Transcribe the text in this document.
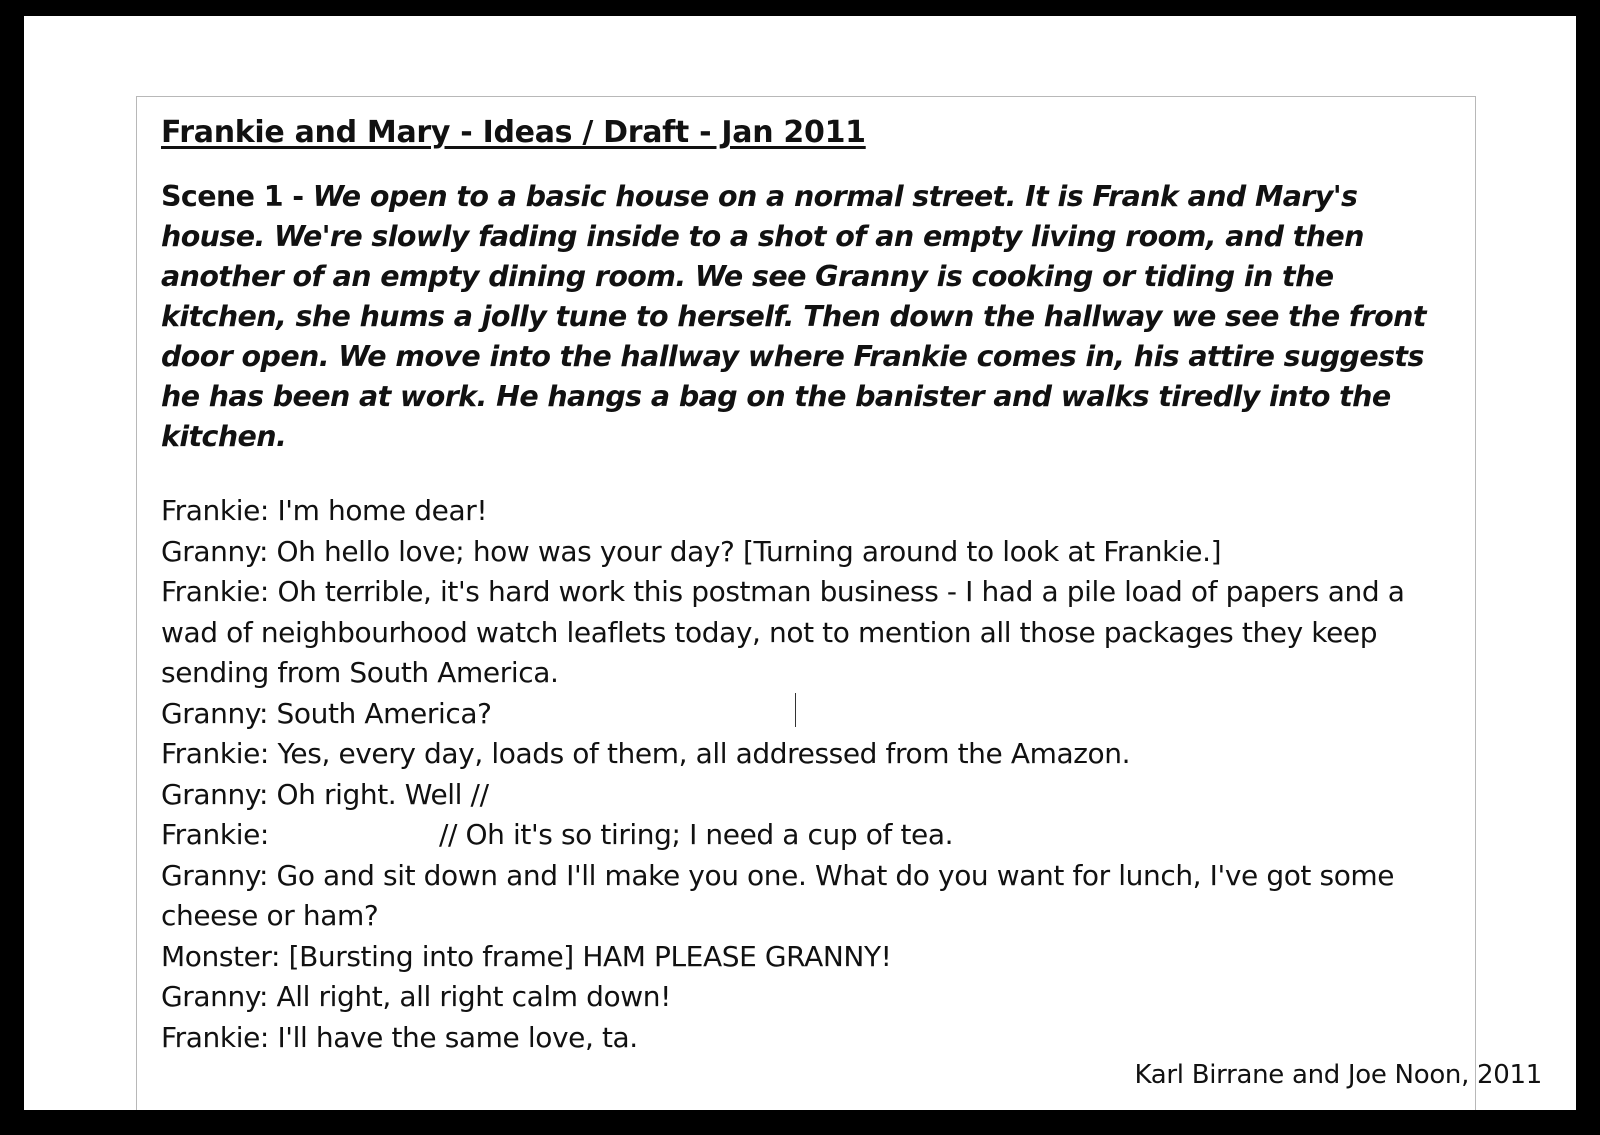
Frankie and Mary - Ideas / Draft - Jan 2011
Scene 1 - We open to a basic house on a normal street. It is Frank and Mary's house. We're slowly fading inside to a shot of an empty living room, and then another of an empty dining room. We see Granny is cooking or tiding in the kitchen, she hums a jolly tune to herself. Then down the hallway we see the front door open. We move into the hallway where Frankie comes in, his attire suggests he has been at work. He hangs a bag on the banister and walks tiredly into the kitchen.
Frankie: I'm home dear!
Granny: Oh hello love; how was your day? [Turning around to look at Frankie.]
Frankie: Oh terrible, it's hard work this postman business - I had a pile load of papers and a wad of neighbourhood watch leaflets today, not to mention all those packages they keep sending from South America.
Granny: South America?
Frankie: Yes, every day, loads of them, all addressed from the Amazon.
Granny: Oh right. Well //
Frankie:                    // Oh it's so tiring; I need a cup of tea.
Granny: Go and sit down and I'll make you one. What do you want for lunch, I've got some cheese or ham?
Monster: [Bursting into frame] HAM PLEASE GRANNY!
Granny: All right, all right calm down!
Frankie: I'll have the same love, ta.
Karl Birrane and Joe Noon, 2011
